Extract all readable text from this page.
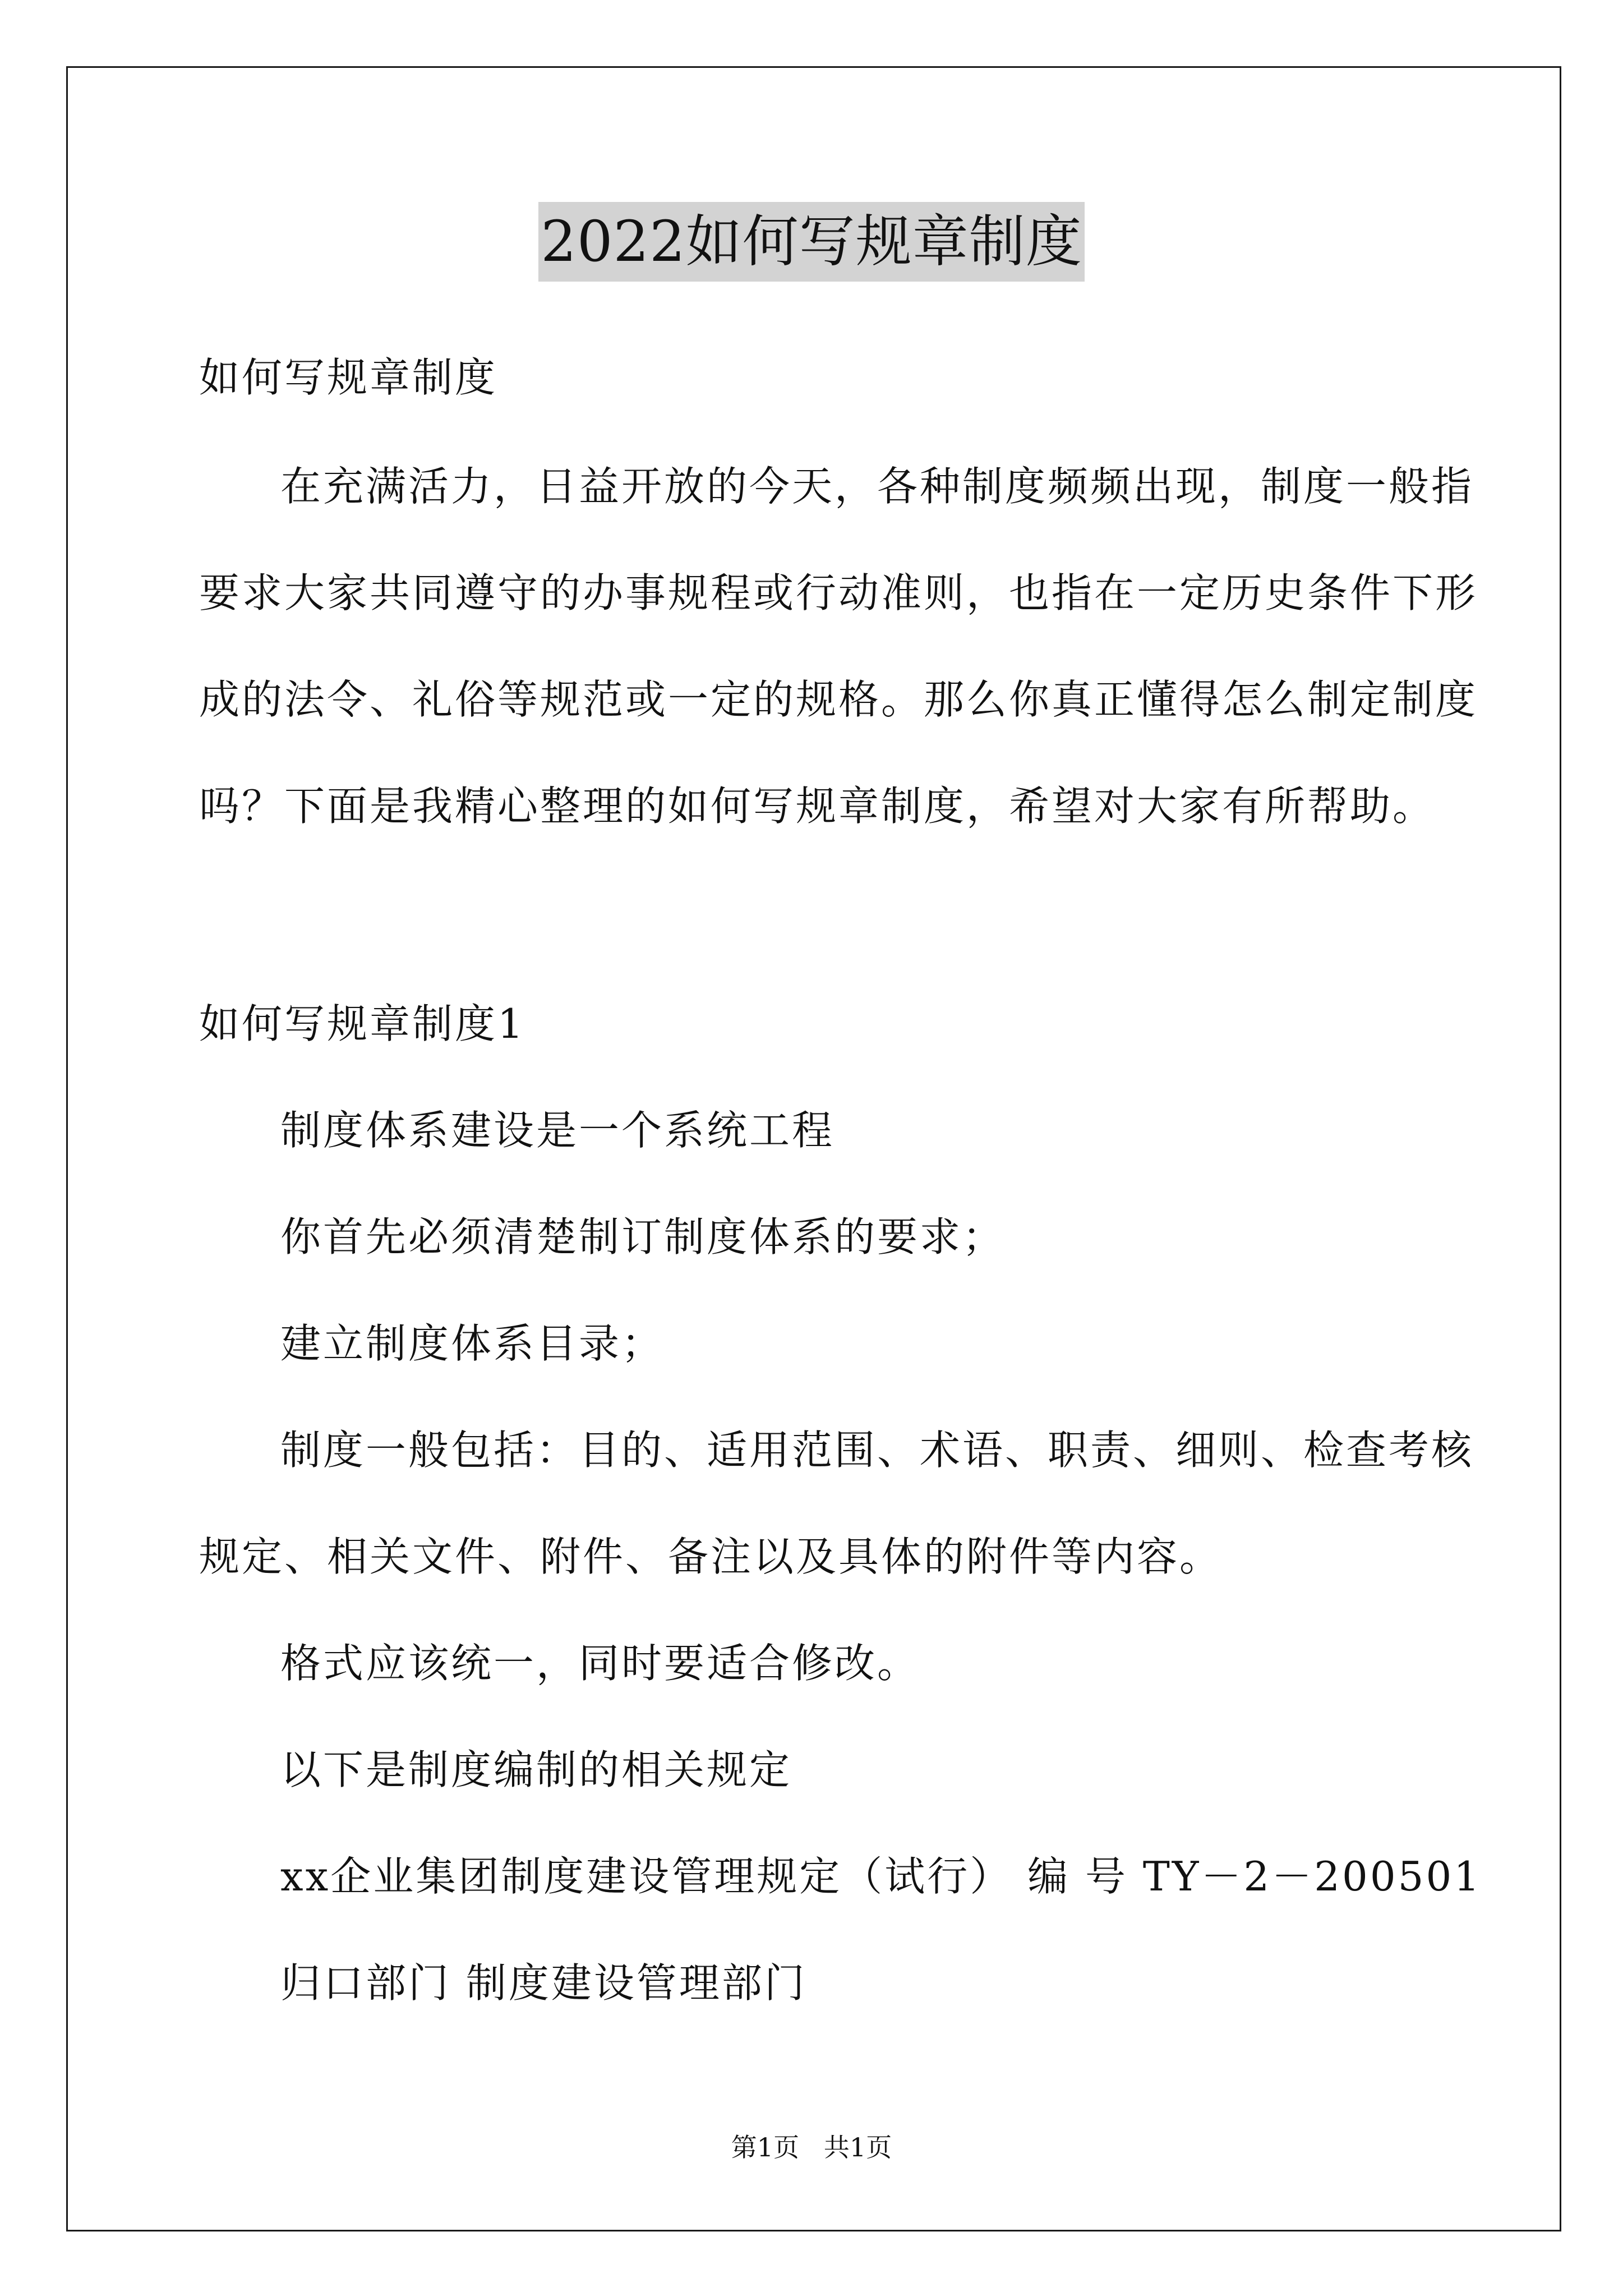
2022如何写规章制度
如何写规章制度
在充满活力，日益开放的今天，各种制度频频出现，制度一般指
要求大家共同遵守的办事规程或行动准则，也指在一定历史条件下形
成的法令、礼俗等规范或一定的规格。那么你真正懂得怎么制定制度
吗？下面是我精心整理的如何写规章制度，希望对大家有所帮助。
如何写规章制度1
制度体系建设是一个系统工程
你首先必须清楚制订制度体系的要求；
建立制度体系目录；
制度一般包括：目的、适用范围、术语、职责、细则、检查考核
规定、相关文件、附件、备注以及具体的附件等内容。
格式应该统一，同时要适合修改。
以下是制度编制的相关规定
xx企业集团制度建设管理规定（试行） 编 号 TY－2－200501
归口部门 制度建设管理部门
第1页   共1页
